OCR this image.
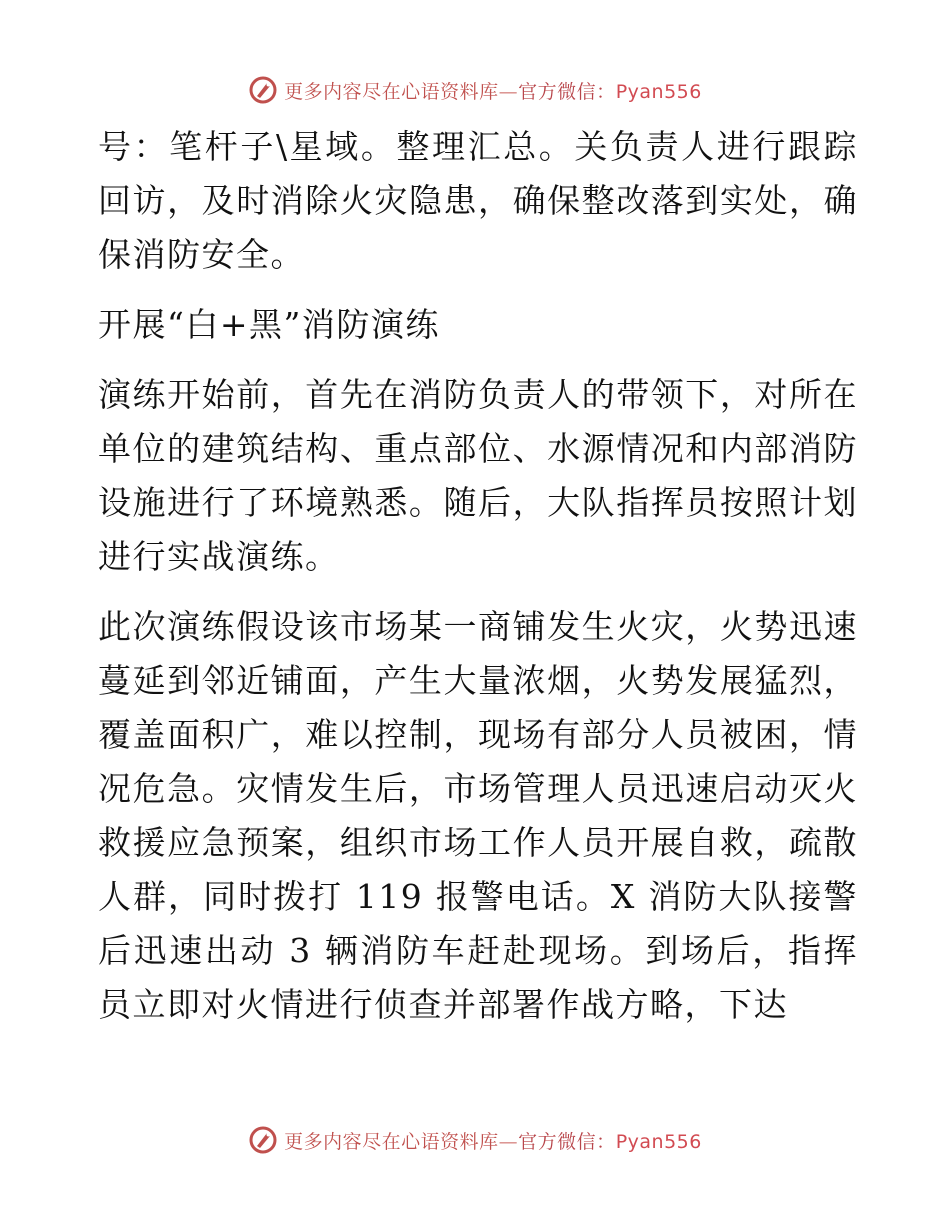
更多内容尽在心语资料库—官方微信：Pyan556

号：笔杆子\星域。整理汇总。关负责人进行跟踪回访，及时消除火灾隐患，确保整改落到实处，确保消防安全。

开展“白+黑”消防演练

演练开始前，首先在消防负责人的带领下，对所在单位的建筑结构、重点部位、水源情况和内部消防设施进行了环境熟悉。随后，大队指挥员按照计划进行实战演练。

此次演练假设该市场某一商铺发生火灾，火势迅速蔓延到邻近铺面，产生大量浓烟，火势发展猛烈，覆盖面积广，难以控制，现场有部分人员被困，情况危急。灾情发生后，市场管理人员迅速启动灭火救援应急预案，组织市场工作人员开展自救，疏散人群，同时拨打 119 报警电话。X 消防大队接警后迅速出动 3 辆消防车赶赴现场。到场后，指挥员立即对火情进行侦查并部署作战方略，下达

更多内容尽在心语资料库—官方微信：Pyan556
